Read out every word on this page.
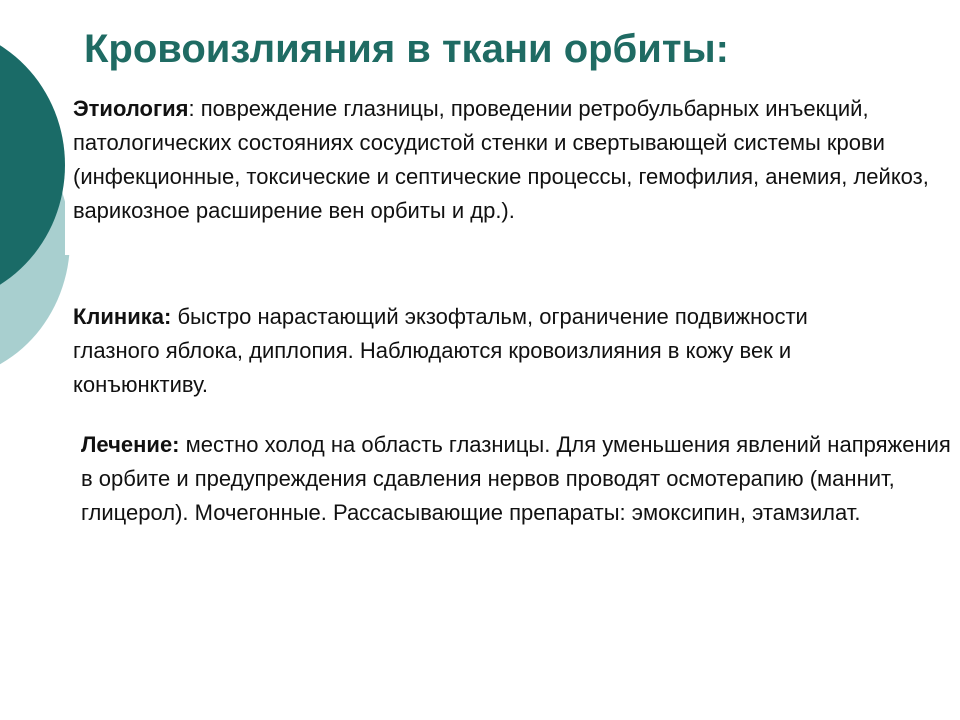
Кровоизлияния в ткани орбиты:

Этиология: повреждение глазницы, проведении ретробульбарных инъекций, патологических состояниях сосудистой стенки и свертывающей системы крови (инфекционные, токсические и септические процессы, гемофилия, анемия, лейкоз, варикозное расширение вен орбиты и др.).

Клиника: быстро нарастающий экзофтальм, ограничение подвижности глазного яблока, диплопия. Наблюдаются кровоизлияния в кожу век и конъюнктиву.

Лечение: местно холод на область глазницы. Для уменьшения явлений напряжения в орбите и предупреждения сдавления нервов проводят осмотерапию (маннит, глицерол). Мочегонные. Рассасывающие препараты: эмоксипин, этамзилат.
